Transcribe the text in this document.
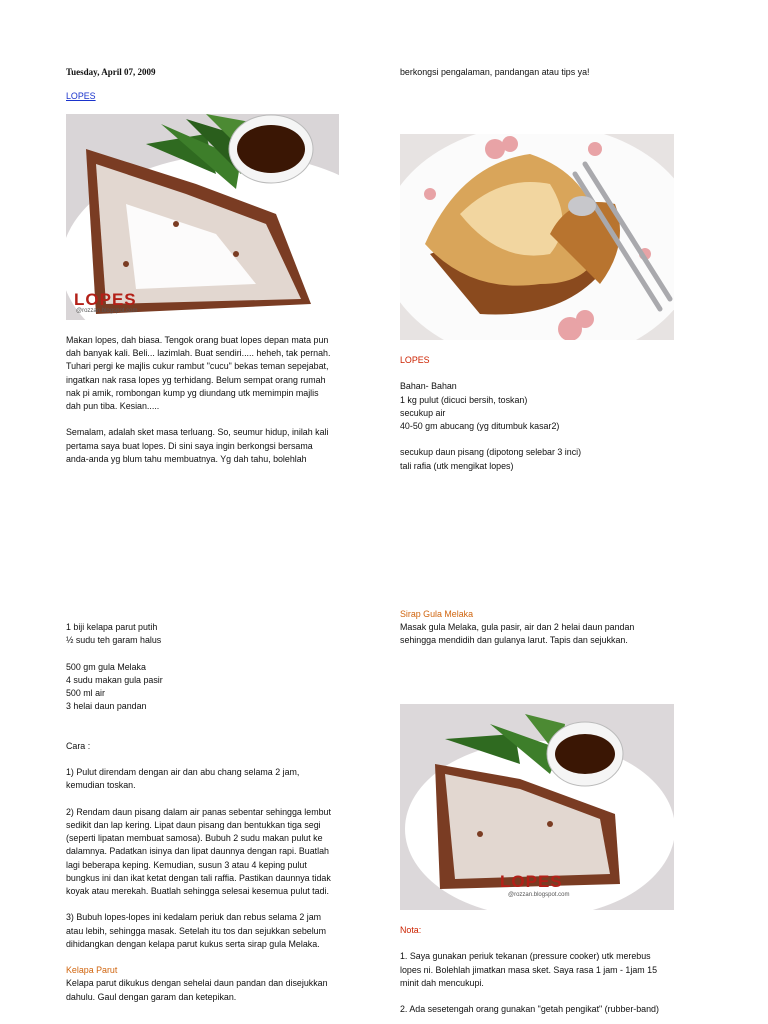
Tuesday, April 07, 2009

LOPES

LOPES
@rozzan.blogspot.com

Makan lopes, dah biasa. Tengok orang buat lopes depan mata pun

dah banyak kali. Beli... lazimlah. Buat sendiri..... heheh, tak pernah.

Tuhari pergi ke majlis cukur rambut "cucu" bekas teman sepejabat,

ingatkan nak rasa lopes yg terhidang. Belum sempat orang rumah

nak pi amik, rombongan kump yg diundang utk memimpin majlis

dah pun tiba. Kesian.....

Semalam, adalah sket masa terluang. So, seumur hidup, inilah kali

pertama saya buat lopes. Di sini saya ingin berkongsi bersama

anda-anda yg blum tahu membuatnya. Yg dah tahu, bolehlah

1 biji kelapa parut putih

½ sudu teh garam halus

500 gm gula Melaka

4 sudu makan gula pasir

500 ml air

3 helai daun pandan

Cara :

1) Pulut direndam dengan air dan abu chang selama 2 jam,

kemudian toskan.

2) Rendam daun pisang dalam air panas sebentar sehingga lembut

sedikit dan lap kering. Lipat daun pisang dan bentukkan tiga segi

(seperti lipatan membuat samosa). Bubuh 2 sudu makan pulut ke

dalamnya. Padatkan isinya dan lipat daunnya dengan rapi. Buatlah

lagi beberapa keping. Kemudian, susun 3 atau 4 keping pulut

bungkus ini dan ikat ketat dengan tali raffia. Pastikan daunnya tidak

koyak atau merekah. Buatlah sehingga selesai kesemua pulut tadi.

3) Bubuh lopes-lopes ini kedalam periuk dan rebus selama 2 jam

atau lebih, sehingga masak. Setelah itu tos dan sejukkan sebelum

dihidangkan dengan kelapa parut kukus serta sirap gula Melaka.

Kelapa Parut

Kelapa parut dikukus dengan sehelai daun pandan dan disejukkan

dahulu. Gaul dengan garam dan ketepikan.

berkongsi pengalaman, pandangan atau tips ya!

LOPES

Bahan- Bahan

1 kg pulut (dicuci bersih, toskan)

secukup air

40-50 gm abucang (yg ditumbuk kasar2)

secukup daun pisang (dipotong selebar 3 inci)

tali rafia (utk mengikat lopes)

Sirap Gula Melaka

Masak gula Melaka, gula pasir, air dan 2 helai daun pandan

sehingga mendidih dan gulanya larut. Tapis dan sejukkan.

LOPES
@rozzan.blogspot.com

Nota:

1. Saya gunakan periuk tekanan (pressure cooker) utk merebus

lopes ni. Bolehlah jimatkan masa sket. Saya rasa 1 jam - 1jam 15

minit dah mencukupi.

2. Ada sesetengah orang gunakan "getah pengikat" (rubber-band)
